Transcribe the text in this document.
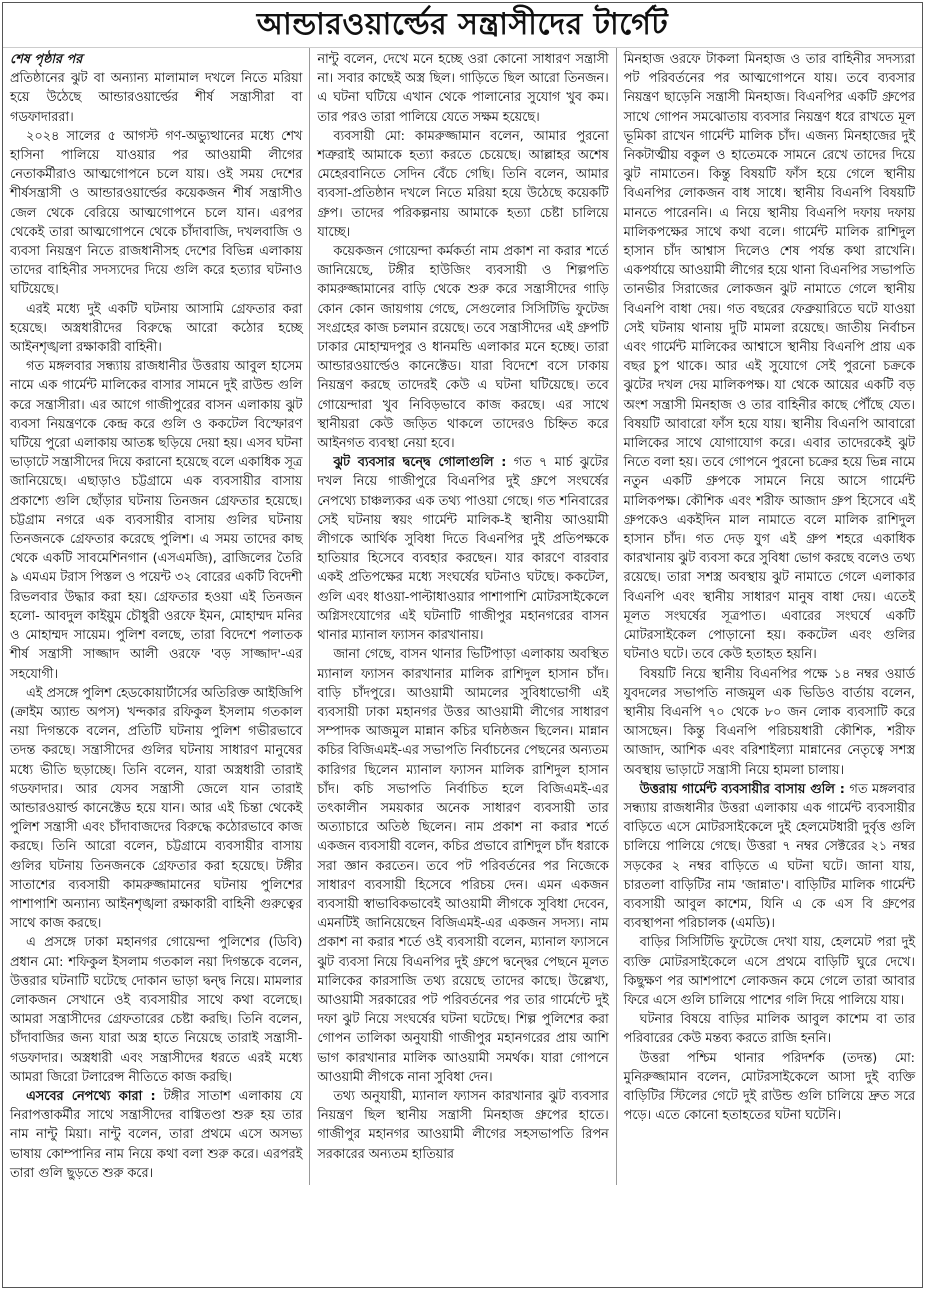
আন্ডারওয়ার্ল্ডের সন্ত্রাসীদের টার্গেট
শেষ পৃষ্ঠার পর

প্রতিষ্ঠানের ঝুট বা অন্যান্য মালামাল দখলে নিতে মরিয়া হয়ে উঠেছে আন্ডারওয়ার্ল্ডের শীর্ষ সন্ত্রাসীরা বা গডফাদাররা।

২০২৪ সালের ৫ আগস্ট গণ-অভ্যুত্থানের মধ্যে শেখ হাসিনা পালিয়ে যাওয়ার পর আওয়ামী লীগের নেতাকর্মীরাও আত্মগোপনে চলে যায়। ওই সময় দেশের শীর্ষসন্ত্রাসী ও আন্ডারওয়ার্ল্ডের কয়েকজন শীর্ষ সন্ত্রাসীও জেল থেকে বেরিয়ে আত্মগোপনে চলে যান। এরপর থেকেই তারা আত্মগোপনে থেকে চাঁদাবাজি, দখলবাজি ও ব্যবসা নিয়ন্ত্রণ নিতে রাজধানীসহ দেশের বিভিন্ন এলাকায় তাদের বাহিনীর সদস্যদের দিয়ে গুলি করে হত্যার ঘটনাও ঘটিয়েছে।

এরই মধ্যে দুই একটি ঘটনায় আসামি গ্রেফতার করা হয়েছে। অস্ত্রধারীদের বিরুদ্ধে আরো কঠোর হচ্ছে আইনশৃঙ্খলা রক্ষাকারী বাহিনী।

গত মঙ্গলবার সন্ধ্যায় রাজধানীর উত্তরায় আবুল হাসেম নামে এক গার্মেন্ট মালিকের বাসার সামনে দুই রাউন্ড গুলি করে সন্ত্রাসীরা। এর আগে গাজীপুরের বাসন এলাকায় ঝুট ব্যবসা নিয়ন্ত্রণকে কেন্দ্র করে গুলি ও ককটেল বিস্ফোরণ ঘটিয়ে পুরো এলাকায় আতঙ্ক ছড়িয়ে দেয়া হয়। এসব ঘটনা ভাড়াটে সন্ত্রাসীদের দিয়ে করানো হয়েছে বলে একাধিক সূত্র জানিয়েছে। এছাড়াও চট্টগ্রামে এক ব্যবসায়ীর বাসায় প্রকাশ্যে গুলি ছোঁড়ার ঘটনায় তিনজন গ্রেফতার হয়েছে। চট্টগ্রাম নগরে এক ব্যবসায়ীর বাসায় গুলির ঘটনায় তিনজনকে গ্রেফতার করেছে পুলিশ। এ সময় তাদের কাছ থেকে একটি সাবমেশিনগান (এসএমজি), ব্রাজিলের তৈরি ৯ এমএম টরাস পিস্তল ও পয়েন্ট ৩২ বোরের একটি বিদেশী রিভলবার উদ্ধার করা হয়। গ্রেফতার হওয়া এই তিনজন হলো- আবদুল কাইয়ুম চৌধুরী ওরফে ইমন, মোহাম্মদ মনির ও মোহাম্মদ সায়েম। পুলিশ বলছে, তারা বিদেশে পলাতক শীর্ষ সন্ত্রাসী সাজ্জাদ আলী ওরফে 'বড় সাজ্জাদ'-এর সহযোগী।

এই প্রসঙ্গে পুলিশ হেডকোয়ার্টার্সের অতিরিক্ত আইজিপি (ক্রাইম অ্যান্ড অপস) খন্দকার রফিকুল ইসলাম গতকাল নয়া দিগন্তকে বলেন, প্রতিটি ঘটনায় পুলিশ গভীরভাবে তদন্ত করছে। সন্ত্রাসীদের গুলির ঘটনায় সাধারণ মানুষের মধ্যে ভীতি ছড়াচ্ছে। তিনি বলেন, যারা অস্ত্রধারী তারাই গডফাদার। আর যেসব সন্ত্রাসী জেলে যান তারাই আন্ডারওয়ার্ল্ড কানেক্টেড হয়ে যান। আর এই চিন্তা থেকেই পুলিশ সন্ত্রাসী এবং চাঁদাবাজদের বিরুদ্ধে কঠোরভাবে কাজ করছে। তিনি আরো বলেন, চট্টগ্রামে ব্যবসায়ীর বাসায় গুলির ঘটনায় তিনজনকে গ্রেফতার করা হয়েছে। টঙ্গীর সাতাশের ব্যবসায়ী কামরুজ্জামানের ঘটনায় পুলিশের পাশাপাশি অন্যান্য আইনশৃঙ্খলা রক্ষাকারী বাহিনী গুরুত্বের সাথে কাজ করছে।

এ প্রসঙ্গে ঢাকা মহানগর গোয়েন্দা পুলিশের (ডিবি) প্রধান মো: শফিকুল ইসলাম গতকাল নয়া দিগন্তকে বলেন, উত্তরার ঘটনাটি ঘটেছে দোকান ভাড়া দ্বন্দ্ব নিয়ে। মামলার লোকজন সেখানে ওই ব্যবসায়ীর সাথে কথা বলেছে। আমরা সন্ত্রাসীদের গ্রেফতারের চেষ্টা করছি। তিনি বলেন, চাঁদাবাজির জন্য যারা অস্ত্র হাতে নিয়েছে তারাই সন্ত্রাসী-গডফাদার। অস্ত্রধারী এবং সন্ত্রাসীদের ধরতে এরই মধ্যে আমরা জিরো টলারেন্স নীতিতে কাজ করছি।

এসবের নেপথ্যে কারা : টঙ্গীর সাতাশ এলাকায় যে নিরাপত্তাকর্মীর সাথে সন্ত্রাসীদের বাগ্বিতণ্ডা শুরু হয় তার নাম নান্টু মিয়া। নান্টু বলেন, তারা প্রথমে এসে অসভ্য ভাষায় কোম্পানির নাম নিয়ে কথা বলা শুরু করে। এরপরই তারা গুলি ছুড়তে শুরু করে।

নান্টু বলেন, দেখে মনে হচ্ছে ওরা কোনো সাধারণ সন্ত্রাসী না। সবার কাছেই অস্ত্র ছিল। গাড়িতে ছিল আরো তিনজন। এ ঘটনা ঘটিয়ে এখান থেকে পালানোর সুযোগ খুব কম। তার পরও তারা পালিয়ে যেতে সক্ষম হয়েছে।

ব্যবসায়ী মো: কামরুজ্জামান বলেন, আমার পুরনো শত্রুরাই আমাকে হত্যা করতে চেয়েছে। আল্লাহর অশেষ মেহেরবানিতে সেদিন বেঁচে গেছি। তিনি বলেন, আমার ব্যবসা-প্রতিষ্ঠান দখলে নিতে মরিয়া হয়ে উঠেছে কয়েকটি গ্রুপ। তাদের পরিকল্পনায় আমাকে হত্যা চেষ্টা চালিয়ে যাচ্ছে।

কয়েকজন গোয়েন্দা কর্মকর্তা নাম প্রকাশ না করার শর্তে জানিয়েছে, টঙ্গীর হাউজিং ব্যবসায়ী ও শিল্পপতি কামরুজ্জামানের বাড়ি থেকে শুরু করে সন্ত্রাসীদের গাড়ি কোন কোন জায়গায় গেছে, সেগুলোর সিসিটিভি ফুটেজ সংগ্রহের কাজ চলমান রয়েছে। তবে সন্ত্রাসীদের এই গ্রুপটি ঢাকার মোহাম্মদপুর ও ধানমন্ডি এলাকার মনে হচ্ছে। তারা আন্ডারওয়ার্ল্ডেও কানেক্টেড। যারা বিদেশে বসে ঢাকায় নিয়ন্ত্রণ করছে তাদেরই কেউ এ ঘটনা ঘটিয়েছে। তবে গোয়েন্দারা খুব নিবিড়ভাবে কাজ করছে। এর সাথে স্থানীয়রা কেউ জড়িত থাকলে তাদেরও চিহ্নিত করে আইনগত ব্যবস্থা নেয়া হবে।

ঝুট ব্যবসার দ্বন্দ্বে গোলাগুলি : গত ৭ মার্চ ঝুটের দখল নিয়ে গাজীপুরে বিএনপির দুই গ্রুপে সংঘর্ষের নেপথ্যে চাঞ্চল্যকর এক তথ্য পাওয়া গেছে। গত শনিবারের সেই ঘটনায় স্বয়ং গার্মেন্ট মালিক-ই স্থানীয় আওয়ামী লীগকে আর্থিক সুবিধা দিতে বিএনপির দুই প্রতিপক্ষকে হাতিয়ার হিসেবে ব্যবহার করছেন। যার কারণে বারবার একই প্রতিপক্ষের মধ্যে সংঘর্ষের ঘটনাও ঘটছে। ককটেল, গুলি এবং ধাওয়া-পাল্টাধাওয়ার পাশাপাশি মোটরসাইকেলে অগ্নিসংযোগের এই ঘটনাটি গাজীপুর মহানগরের বাসন থানার ম্যানাল ফ্যাসন কারখানায়।

জানা গেছে, বাসন থানার ভিটিপাড়া এলাকায় অবস্থিত ম্যানাল ফ্যাসন কারখানার মালিক রাশিদুল হাসান চাঁদ। বাড়ি চাঁদপুরে। আওয়ামী আমলের সুবিধাভোগী এই ব্যবসায়ী ঢাকা মহানগর উত্তর আওয়ামী লীগের সাধারণ সম্পাদক আজমুল মান্নান কচির ঘনিষ্ঠজন ছিলেন। মান্নান কচির বিজিএমই-এর সভাপতি নির্বাচনের পেছনের অন্যতম কারিগর ছিলেন ম্যানাল ফ্যাসন মালিক রাশিদুল হাসান চাঁদ। কচি সভাপতি নির্বাচিত হলে বিজিএমই-এর তৎকালীন সময়কার অনেক সাধারণ ব্যবসায়ী তার অত্যাচারে অতিষ্ঠ ছিলেন। নাম প্রকাশ না করার শর্তে একজন ব্যবসায়ী বলেন, কচির প্রভাবে রাশিদুল চাঁদ ধরাকে সরা জ্ঞান করতেন। তবে পট পরিবর্তনের পর নিজেকে সাধারণ ব্যবসায়ী হিসেবে পরিচয় দেন। এমন একজন ব্যবসায়ী স্বাভাবিকভাবেই আওয়ামী লীগকে সুবিধা দেবেন, এমনটিই জানিয়েছেন বিজিএমই-এর একজন সদস্য। নাম প্রকাশ না করার শর্তে ওই ব্যবসায়ী বলেন, ম্যানাল ফ্যাসনে ঝুট ব্যবসা নিয়ে বিএনপির দুই গ্রুপে দ্বন্দ্বের পেছনে মূলত মালিকের কারসাজি তথ্য রয়েছে তাদের কাছে। উল্লেখ্য, আওয়ামী সরকারের পট পরিবর্তনের পর তার গার্মেন্টে দুই দফা ঝুট নিয়ে সংঘর্ষের ঘটনা ঘটেছে। শিল্প পুলিশের করা গোপন তালিকা অনুযায়ী গাজীপুর মহানগরের প্রায় আশি ভাগ কারখানার মালিক আওয়ামী সমর্থক। যারা গোপনে আওয়ামী লীগকে নানা সুবিধা দেন।

তথ্য অনুযায়ী, ম্যানাল ফ্যাসন কারখানার ঝুট ব্যবসার নিয়ন্ত্রণ ছিল স্থানীয় সন্ত্রাসী মিনহাজ গ্রুপের হাতে। গাজীপুর মহানগর আওয়ামী লীগের সহসভাপতি রিপন সরকারের অন্যতম হাতিয়ার

মিনহাজ ওরফে টাকলা মিনহাজ ও তার বাহিনীর সদস্যরা পট পরিবর্তনের পর আত্মগোপনে যায়। তবে ব্যবসার নিয়ন্ত্রণ ছাড়েনি সন্ত্রাসী মিনহাজ। বিএনপির একটি গ্রুপের সাথে গোপন সমঝোতায় ব্যবসার নিয়ন্ত্রণ ধরে রাখতে মূল ভূমিকা রাখেন গার্মেন্ট মালিক চাঁদ। এজন্য মিনহাজের দুই নিকটাত্মীয় বকুল ও হাতেমকে সামনে রেখে তাদের দিয়ে ঝুট নামাতেন। কিন্তু বিষয়টি ফাঁস হয়ে গেলে স্থানীয় বিএনপির লোকজন বাধ সাধে। স্থানীয় বিএনপি বিষয়টি মানতে পারেননি। এ নিয়ে স্থানীয় বিএনপি দফায় দফায় মালিকপক্ষের সাথে কথা বলে। গার্মেন্ট মালিক রাশিদুল হাসান চাঁদ আশ্বাস দিলেও শেষ পর্যন্ত কথা রাখেনি। একপর্যায়ে আওয়ামী লীগের হয়ে থানা বিএনপির সভাপতি তানভীর সিরাজের লোকজন ঝুট নামাতে গেলে স্থানীয় বিএনপি বাধা দেয়। গত বছরের ফেব্রুয়ারিতে ঘটে যাওয়া সেই ঘটনায় থানায় দুটি মামলা রয়েছে। জাতীয় নির্বাচন এবং গার্মেন্ট মালিকের আশ্বাসে স্থানীয় বিএনপি প্রায় এক বছর চুপ থাকে। আর এই সুযোগে সেই পুরনো চক্রকে ঝুটের দখল দেয় মালিকপক্ষ। যা থেকে আয়ের একটি বড় অংশ সন্ত্রাসী মিনহাজ ও তার বাহিনীর কাছে পৌঁছে যেত। বিষয়টি আবারো ফাঁস হয়ে যায়। স্থানীয় বিএনপি আবারো মালিকের সাথে যোগাযোগ করে। এবার তাদেরকেই ঝুট নিতে বলা হয়। তবে গোপনে পুরনো চক্রের হয়ে ভিন্ন নামে নতুন একটি গ্রুপকে সামনে নিয়ে আসে গার্মেন্ট মালিকপক্ষ। কৌশিক এবং শরীফ আজাদ গ্রুপ হিসেবে এই গ্রুপকেও একইদিন মাল নামাতে বলে মালিক রাশিদুল হাসান চাঁদ। গত দেড় যুগ এই গ্রুপ শহরে একাধিক কারখানায় ঝুট ব্যবসা করে সুবিধা ভোগ করছে বলেও তথ্য রয়েছে। তারা সশস্ত্র অবস্থায় ঝুট নামাতে গেলে এলাকার বিএনপি এবং স্থানীয় সাধারণ মানুষ বাধা দেয়। এতেই মূলত সংঘর্ষের সূত্রপাত। এবারের সংঘর্ষে একটি মোটরসাইকেল পোড়ানো হয়। ককটেল এবং গুলির ঘটনাও ঘটে। তবে কেউ হতাহত হয়নি।

বিষয়টি নিয়ে স্থানীয় বিএনপির পক্ষে ১৪ নম্বর ওয়ার্ড যুবদলের সভাপতি নাজমুল এক ভিডিও বার্তায় বলেন, স্থানীয় বিএনপি ৭০ থেকে ৮০ জন লোক ব্যবসাটি করে আসছেন। কিন্তু বিএনপি পরিচয়ধারী কৌশিক, শরীফ আজাদ, আশিক এবং বরিশাইল্যা মান্নানের নেতৃত্বে সশস্ত্র অবস্থায় ভাড়াটে সন্ত্রাসী নিয়ে হামলা চালায়।

উত্তরায় গার্মেন্ট ব্যবসায়ীর বাসায় গুলি : গত মঙ্গলবার সন্ধ্যায় রাজধানীর উত্তরা এলাকায় এক গার্মেন্ট ব্যবসায়ীর বাড়িতে এসে মোটরসাইকেলে দুই হেলমেটধারী দুর্বৃত্ত গুলি চালিয়ে পালিয়ে গেছে। উত্তরা ৭ নম্বর সেক্টরের ২১ নম্বর সড়কের ২ নম্বর বাড়িতে এ ঘটনা ঘটে। জানা যায়, চারতলা বাড়িটির নাম 'জান্নাত'। বাড়িটির মালিক গার্মেন্ট ব্যবসায়ী আবুল কাশেম, যিনি এ কে এস বি গ্রুপের ব্যবস্থাপনা পরিচালক (এমডি)।

বাড়ির সিসিটিভি ফুটেজে দেখা যায়, হেলমেট পরা দুই ব্যক্তি মোটরসাইকেলে এসে প্রথমে বাড়িটি ঘুরে দেখে। কিছুক্ষণ পর আশপাশে লোকজন কমে গেলে তারা আবার ফিরে এসে গুলি চালিয়ে পাশের গলি দিয়ে পালিয়ে যায়।

ঘটনার বিষয়ে বাড়ির মালিক আবুল কাশেম বা তার পরিবারের কেউ মন্তব্য করতে রাজি হননি।

উত্তরা পশ্চিম থানার পরিদর্শক (তদন্ত) মো: মুনিরুজ্জামান বলেন, মোটরসাইকেলে আসা দুই ব্যক্তি বাড়িটির স্টিলের গেটে দুই রাউন্ড গুলি চালিয়ে দ্রুত সরে পড়ে। এতে কোনো হতাহতের ঘটনা ঘটেনি।
